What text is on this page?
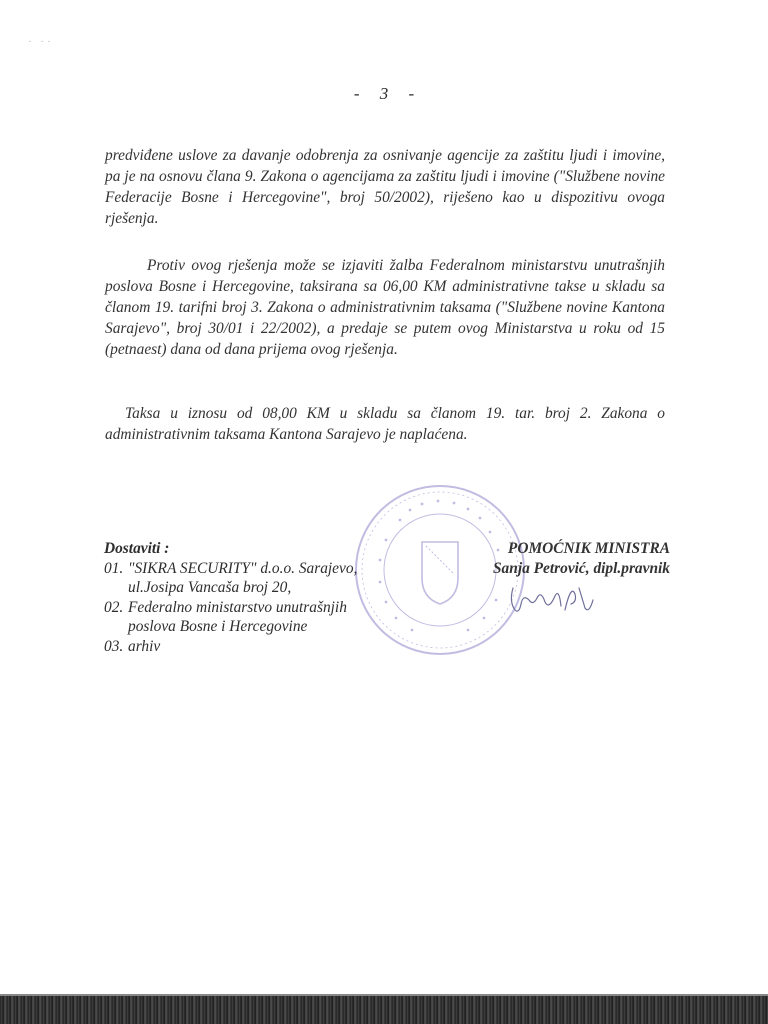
· ··
- 3 -

predviđene uslove za davanje odobrenja za osnivanje agencije za zaštitu ljudi i imovine, pa je na osnovu člana 9. Zakona o agencijama za zaštitu ljudi i imovine ("Službene novine Federacije Bosne i Hercegovine", broj 50/2002), riješeno kao u dispozitivu ovoga rješenja.

Protiv ovog rješenja može se izjaviti žalba Federalnom ministarstvu unutrašnjih poslova Bosne i Hercegovine, taksirana sa 06,00 KM administrativne takse u skladu sa članom 19. tarifni broj 3. Zakona o administrativnim taksama ("Službene novine Kantona Sarajevo", broj 30/01 i 22/2002), a predaje se putem ovog Ministarstva u roku od 15 (petnaest) dana od dana prijema ovog rješenja.

Taksa u iznosu od 08,00 KM u skladu sa članom 19. tar. broj 2. Zakona o administrativnim taksama Kantona Sarajevo je naplaćena.

Dostaviti :
01. "SIKRA SECURITY" d.o.o. Sarajevo,
ul.Josipa Vancaša broj 20,
02. Federalno ministarstvo unutrašnjih
poslova Bosne i Hercegovine
03. arhiv
POMOĆNIK MINISTRA
Sanja Petrović, dipl.pravnik
